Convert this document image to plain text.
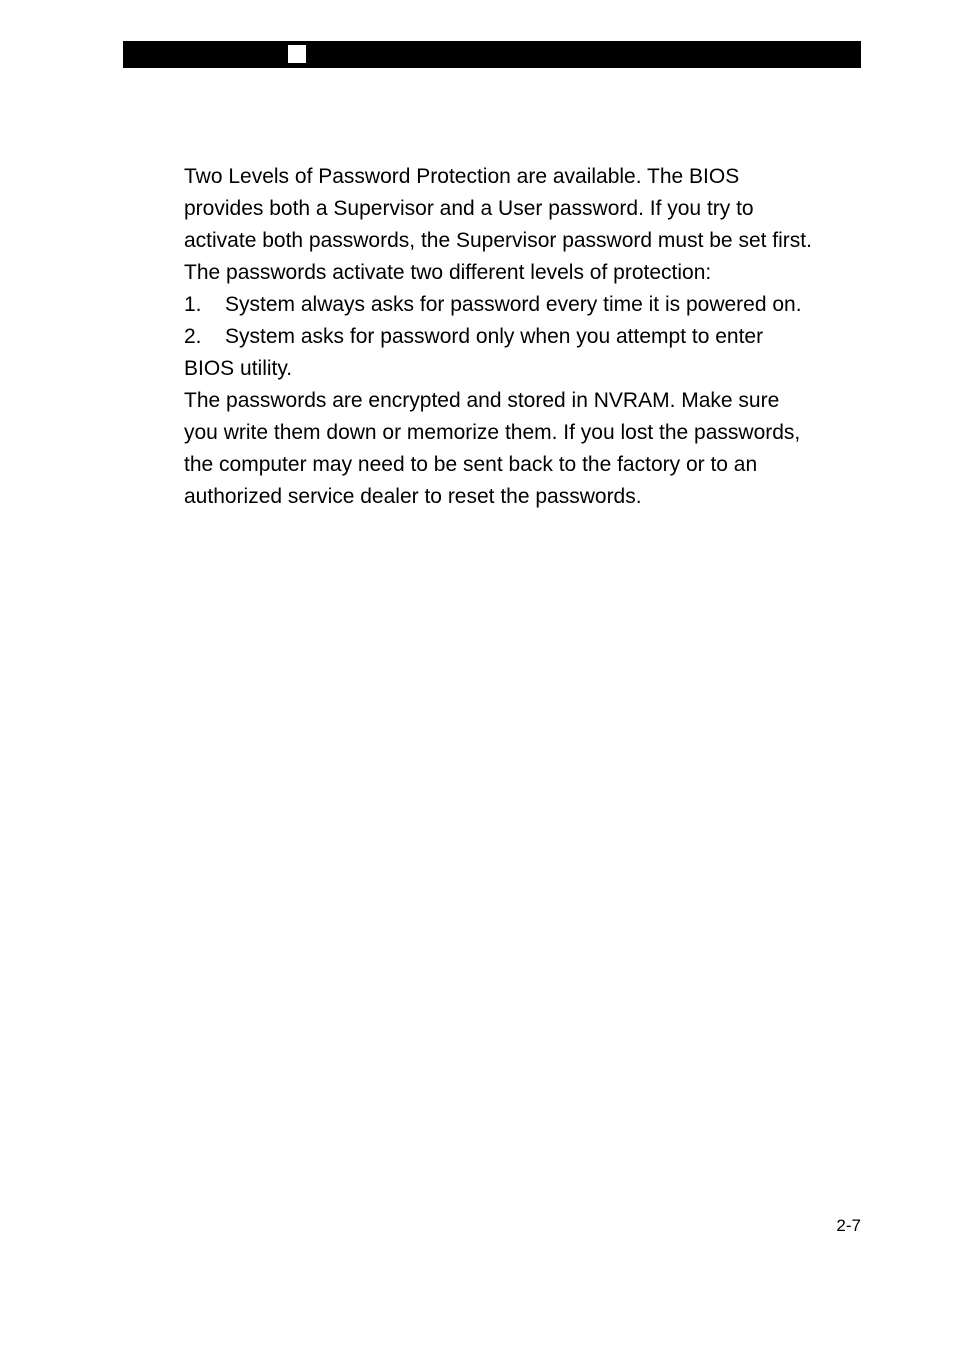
Two Levels of Password Protection are available. The BIOS

provides both a Supervisor and a User password. If you try to

activate both passwords, the Supervisor password must be set first.

The passwords activate two different levels of protection:

1. System always asks for password every time it is powered on.

2. System asks for password only when you attempt to enter

BIOS utility.

The passwords are encrypted and stored in NVRAM. Make sure

you write them down or memorize them. If you lost the passwords,

the computer may need to be sent back to the factory or to an

authorized service dealer to reset the passwords.

2-7
